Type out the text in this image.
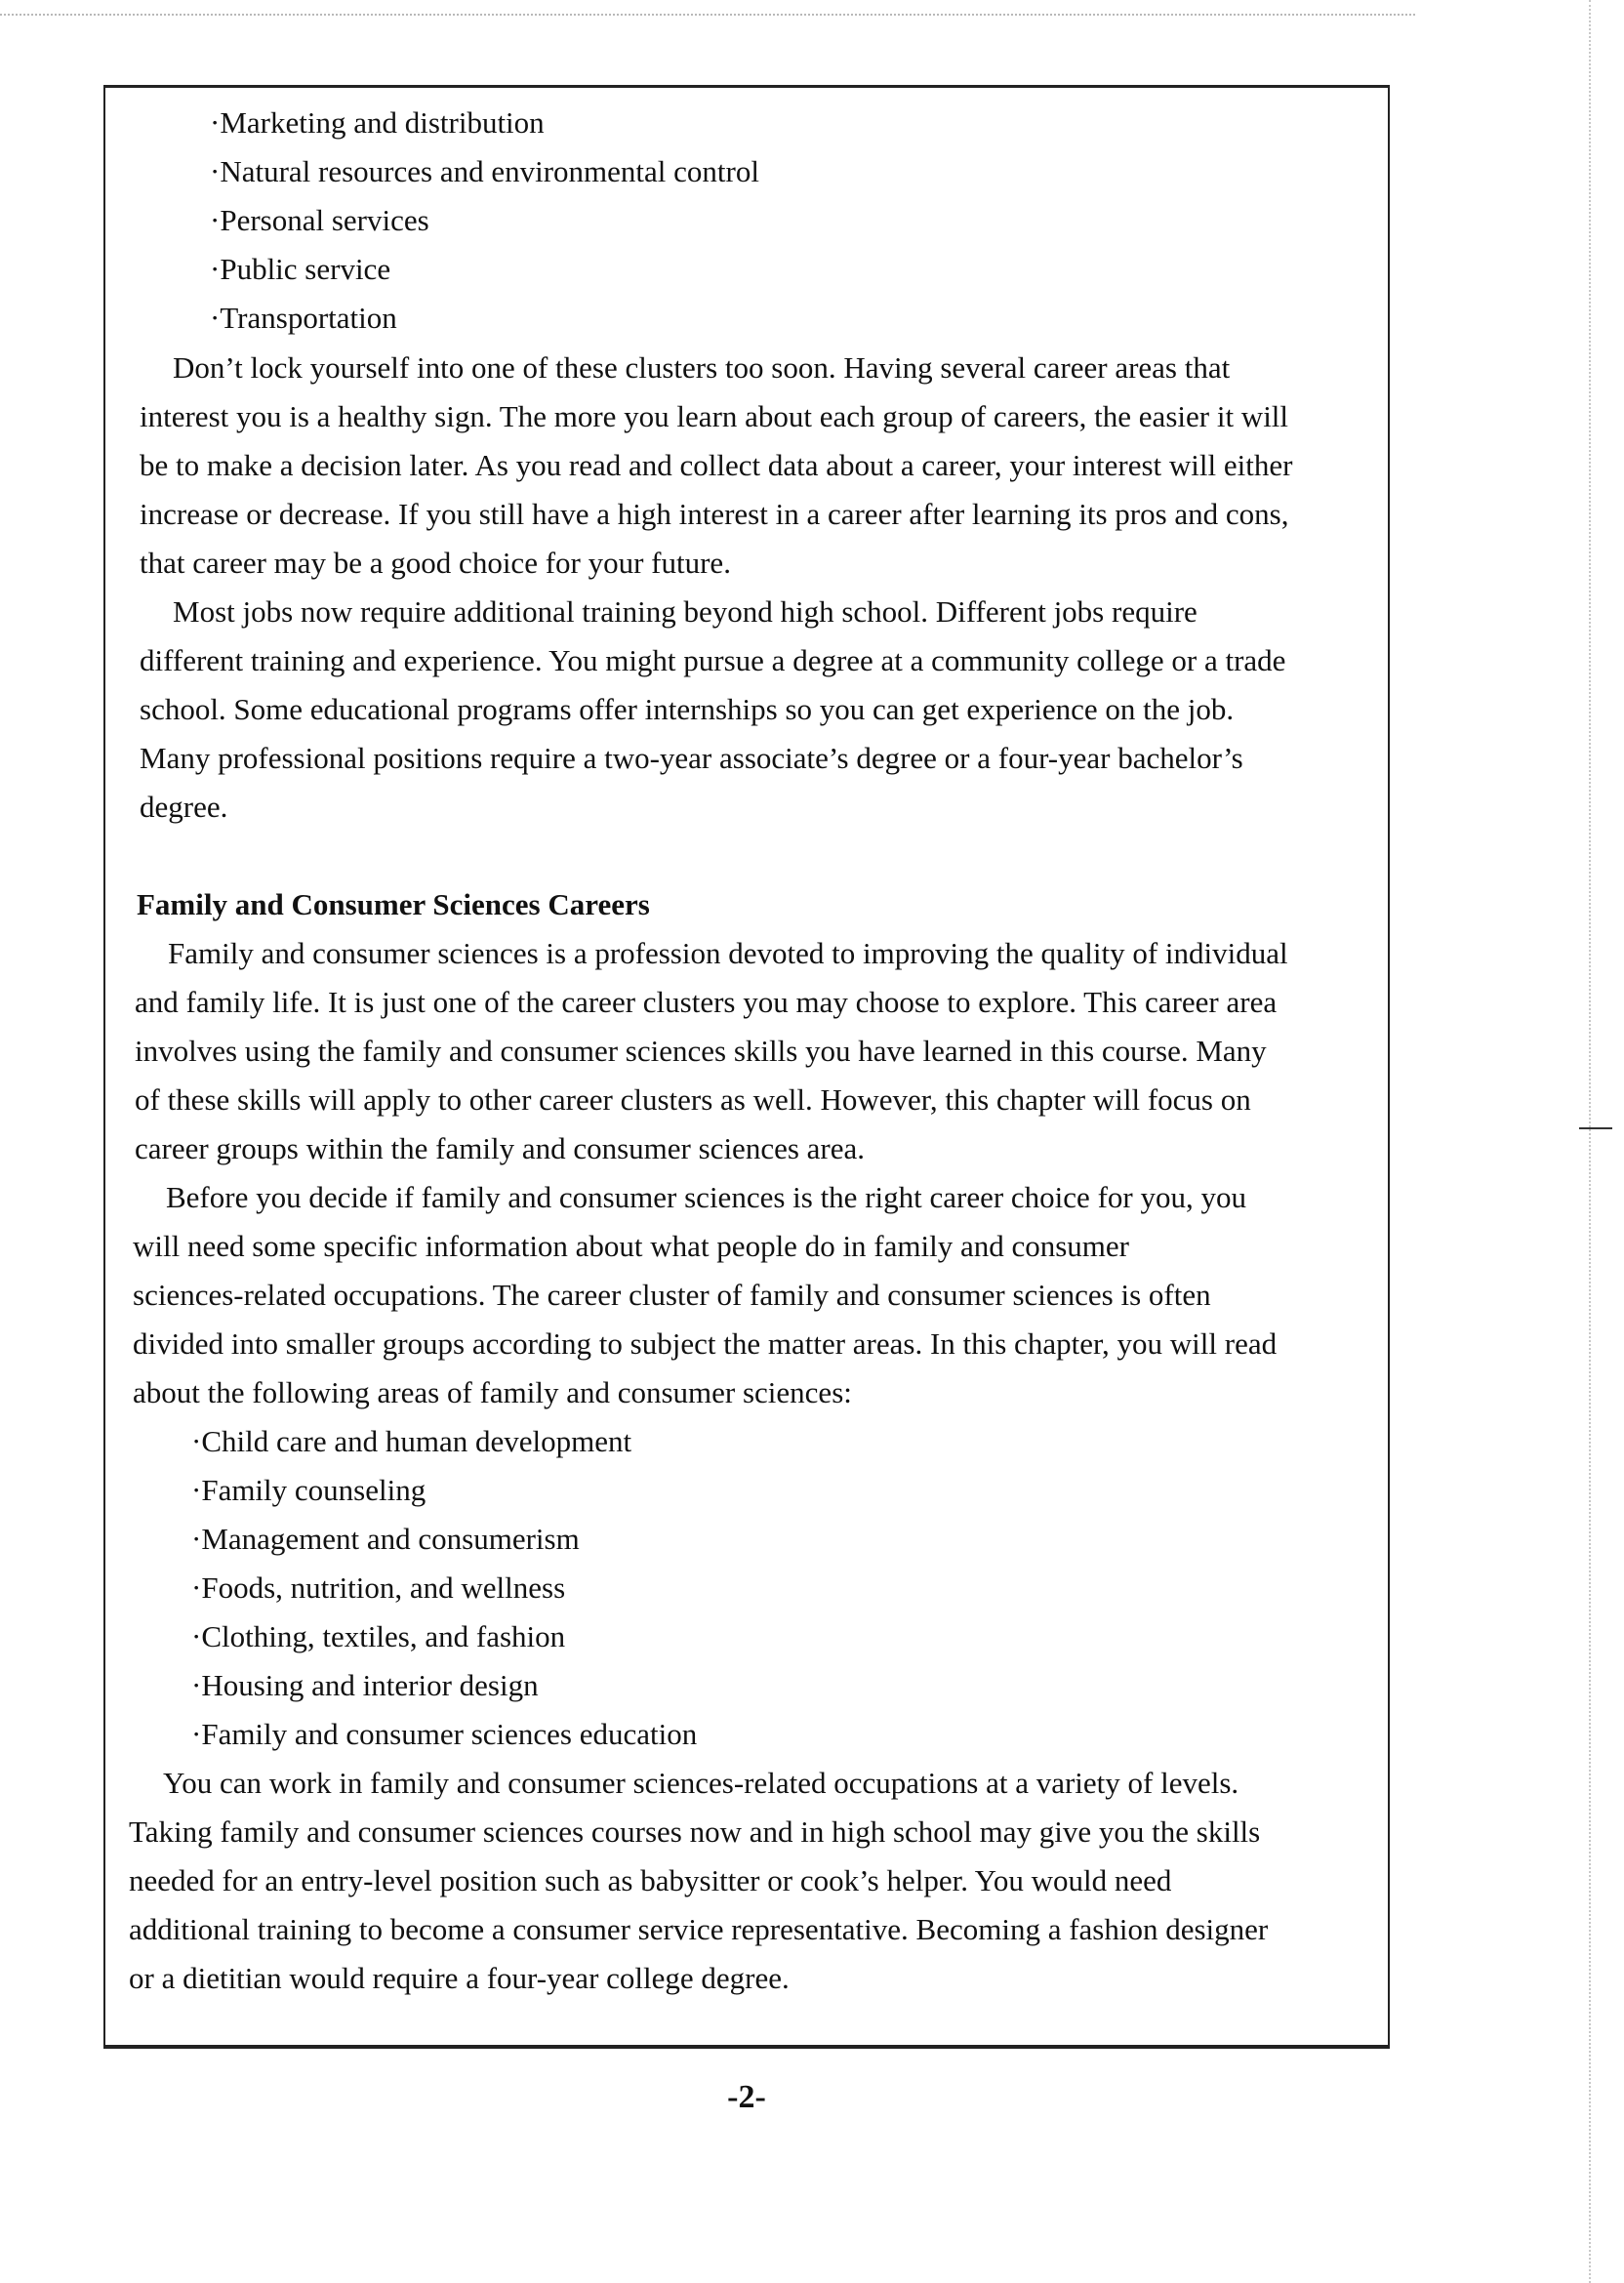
·Marketing and distribution
·Natural resources and environmental control
·Personal services
·Public service
·Transportation
Don’t lock yourself into one of these clusters too soon. Having several career areas that
interest you is a healthy sign. The more you learn about each group of careers, the easier it will
be to make a decision later. As you read and collect data about a career, your interest will either
increase or decrease. If you still have a high interest in a career after learning its pros and cons,
that career may be a good choice for your future.
Most jobs now require additional training beyond high school. Different jobs require
different training and experience. You might pursue a degree at a community college or a trade
school. Some educational programs offer internships so you can get experience on the job.
Many professional positions require a two-year associate’s degree or a four-year bachelor’s
degree.
Family and Consumer Sciences Careers
Family and consumer sciences is a profession devoted to improving the quality of individual
and family life. It is just one of the career clusters you may choose to explore. This career area
involves using the family and consumer sciences skills you have learned in this course. Many
of these skills will apply to other career clusters as well. However, this chapter will focus on
career groups within the family and consumer sciences area.
Before you decide if family and consumer sciences is the right career choice for you, you
will need some specific information about what people do in family and consumer
sciences-related occupations. The career cluster of family and consumer sciences is often
divided into smaller groups according to subject the matter areas. In this chapter, you will read
about the following areas of family and consumer sciences:
·Child care and human development
·Family counseling
·Management and consumerism
·Foods, nutrition, and wellness
·Clothing, textiles, and fashion
·Housing and interior design
·Family and consumer sciences education
You can work in family and consumer sciences-related occupations at a variety of levels.
Taking family and consumer sciences courses now and in high school may give you the skills
needed for an entry-level position such as babysitter or cook’s helper. You would need
additional training to become a consumer service representative. Becoming a fashion designer
or a dietitian would require a four-year college degree.
-2-
